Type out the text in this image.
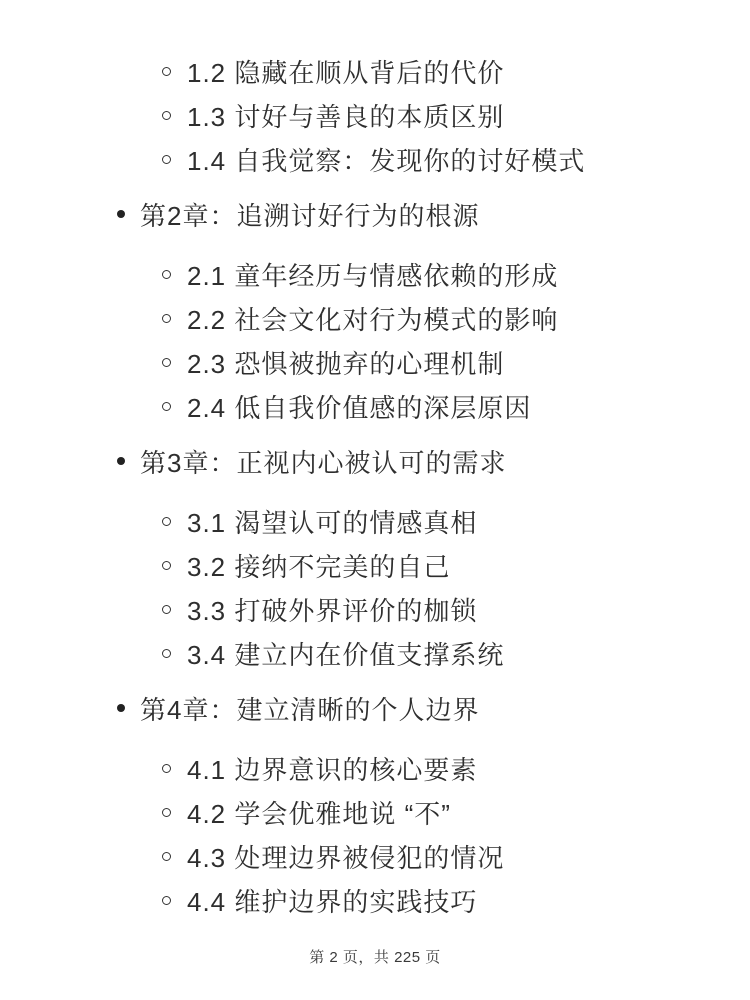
1.2 隐藏在顺从背后的代价
1.3 讨好与善良的本质区别
1.4 自我觉察：发现你的讨好模式
第2章：追溯讨好行为的根源
2.1 童年经历与情感依赖的形成
2.2 社会文化对行为模式的影响
2.3 恐惧被抛弃的心理机制
2.4 低自我价值感的深层原因
第3章：正视内心被认可的需求
3.1 渴望认可的情感真相
3.2 接纳不完美的自己
3.3 打破外界评价的枷锁
3.4 建立内在价值支撑系统
第4章：建立清晰的个人边界
4.1 边界意识的核心要素
4.2 学会优雅地说 “不”
4.3 处理边界被侵犯的情况
4.4 维护边界的实践技巧
第 2 页，共 225 页
